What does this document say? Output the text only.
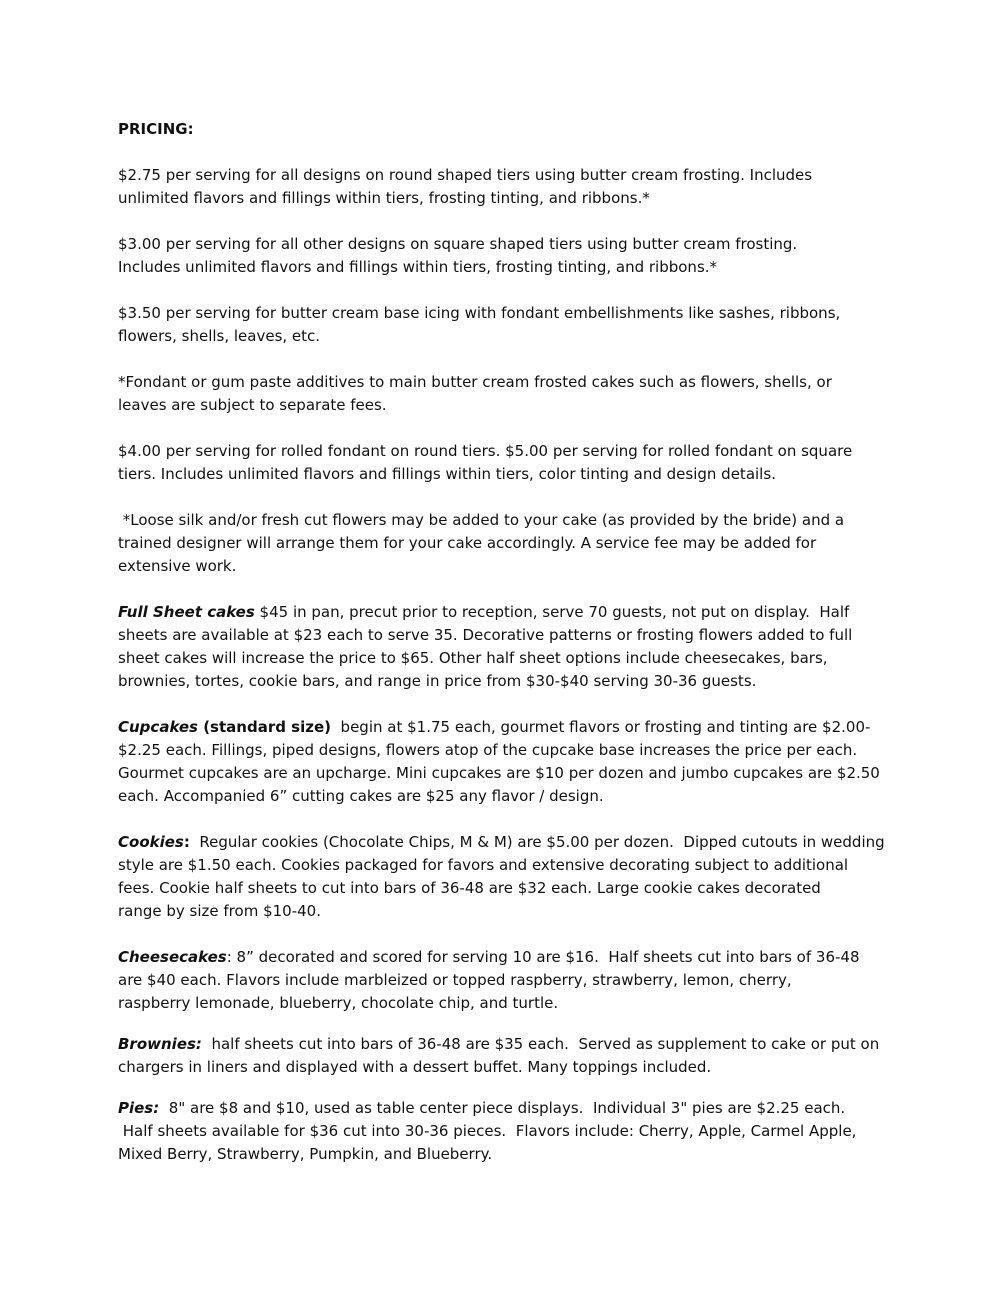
PRICING:
$2.75 per serving for all designs on round shaped tiers using butter cream frosting. Includes
unlimited flavors and fillings within tiers, frosting tinting, and ribbons.*
$3.00 per serving for all other designs on square shaped tiers using butter cream frosting.
Includes unlimited flavors and fillings within tiers, frosting tinting, and ribbons.*
$3.50 per serving for butter cream base icing with fondant embellishments like sashes, ribbons,
flowers, shells, leaves, etc.
*Fondant or gum paste additives to main butter cream frosted cakes such as flowers, shells, or
leaves are subject to separate fees.
$4.00 per serving for rolled fondant on round tiers. $5.00 per serving for rolled fondant on square
tiers. Includes unlimited flavors and fillings within tiers, color tinting and design details.
*Loose silk and/or fresh cut flowers may be added to your cake (as provided by the bride) and a
trained designer will arrange them for your cake accordingly. A service fee may be added for
extensive work.
Full Sheet cakes $45 in pan, precut prior to reception, serve 70 guests, not put on display.  Half
sheets are available at $23 each to serve 35. Decorative patterns or frosting flowers added to full
sheet cakes will increase the price to $65. Other half sheet options include cheesecakes, bars,
brownies, tortes, cookie bars, and range in price from $30-$40 serving 30-36 guests.
Cupcakes (standard size)  begin at $1.75 each, gourmet flavors or frosting and tinting are $2.00-
$2.25 each. Fillings, piped designs, flowers atop of the cupcake base increases the price per each.
Gourmet cupcakes are an upcharge. Mini cupcakes are $10 per dozen and jumbo cupcakes are $2.50
each. Accompanied 6” cutting cakes are $25 any flavor / design.
Cookies:  Regular cookies (Chocolate Chips, M & M) are $5.00 per dozen.  Dipped cutouts in wedding
style are $1.50 each. Cookies packaged for favors and extensive decorating subject to additional
fees. Cookie half sheets to cut into bars of 36-48 are $32 each. Large cookie cakes decorated
range by size from $10-40.
Cheesecakes: 8” decorated and scored for serving 10 are $16.  Half sheets cut into bars of 36-48
are $40 each. Flavors include marbleized or topped raspberry, strawberry, lemon, cherry,
raspberry lemonade, blueberry, chocolate chip, and turtle.
Brownies:  half sheets cut into bars of 36-48 are $35 each.  Served as supplement to cake or put on
chargers in liners and displayed with a dessert buffet. Many toppings included.
Pies:  8" are $8 and $10, used as table center piece displays.  Individual 3" pies are $2.25 each.
Half sheets available for $36 cut into 30-36 pieces.  Flavors include: Cherry, Apple, Carmel Apple,
Mixed Berry, Strawberry, Pumpkin, and Blueberry.
